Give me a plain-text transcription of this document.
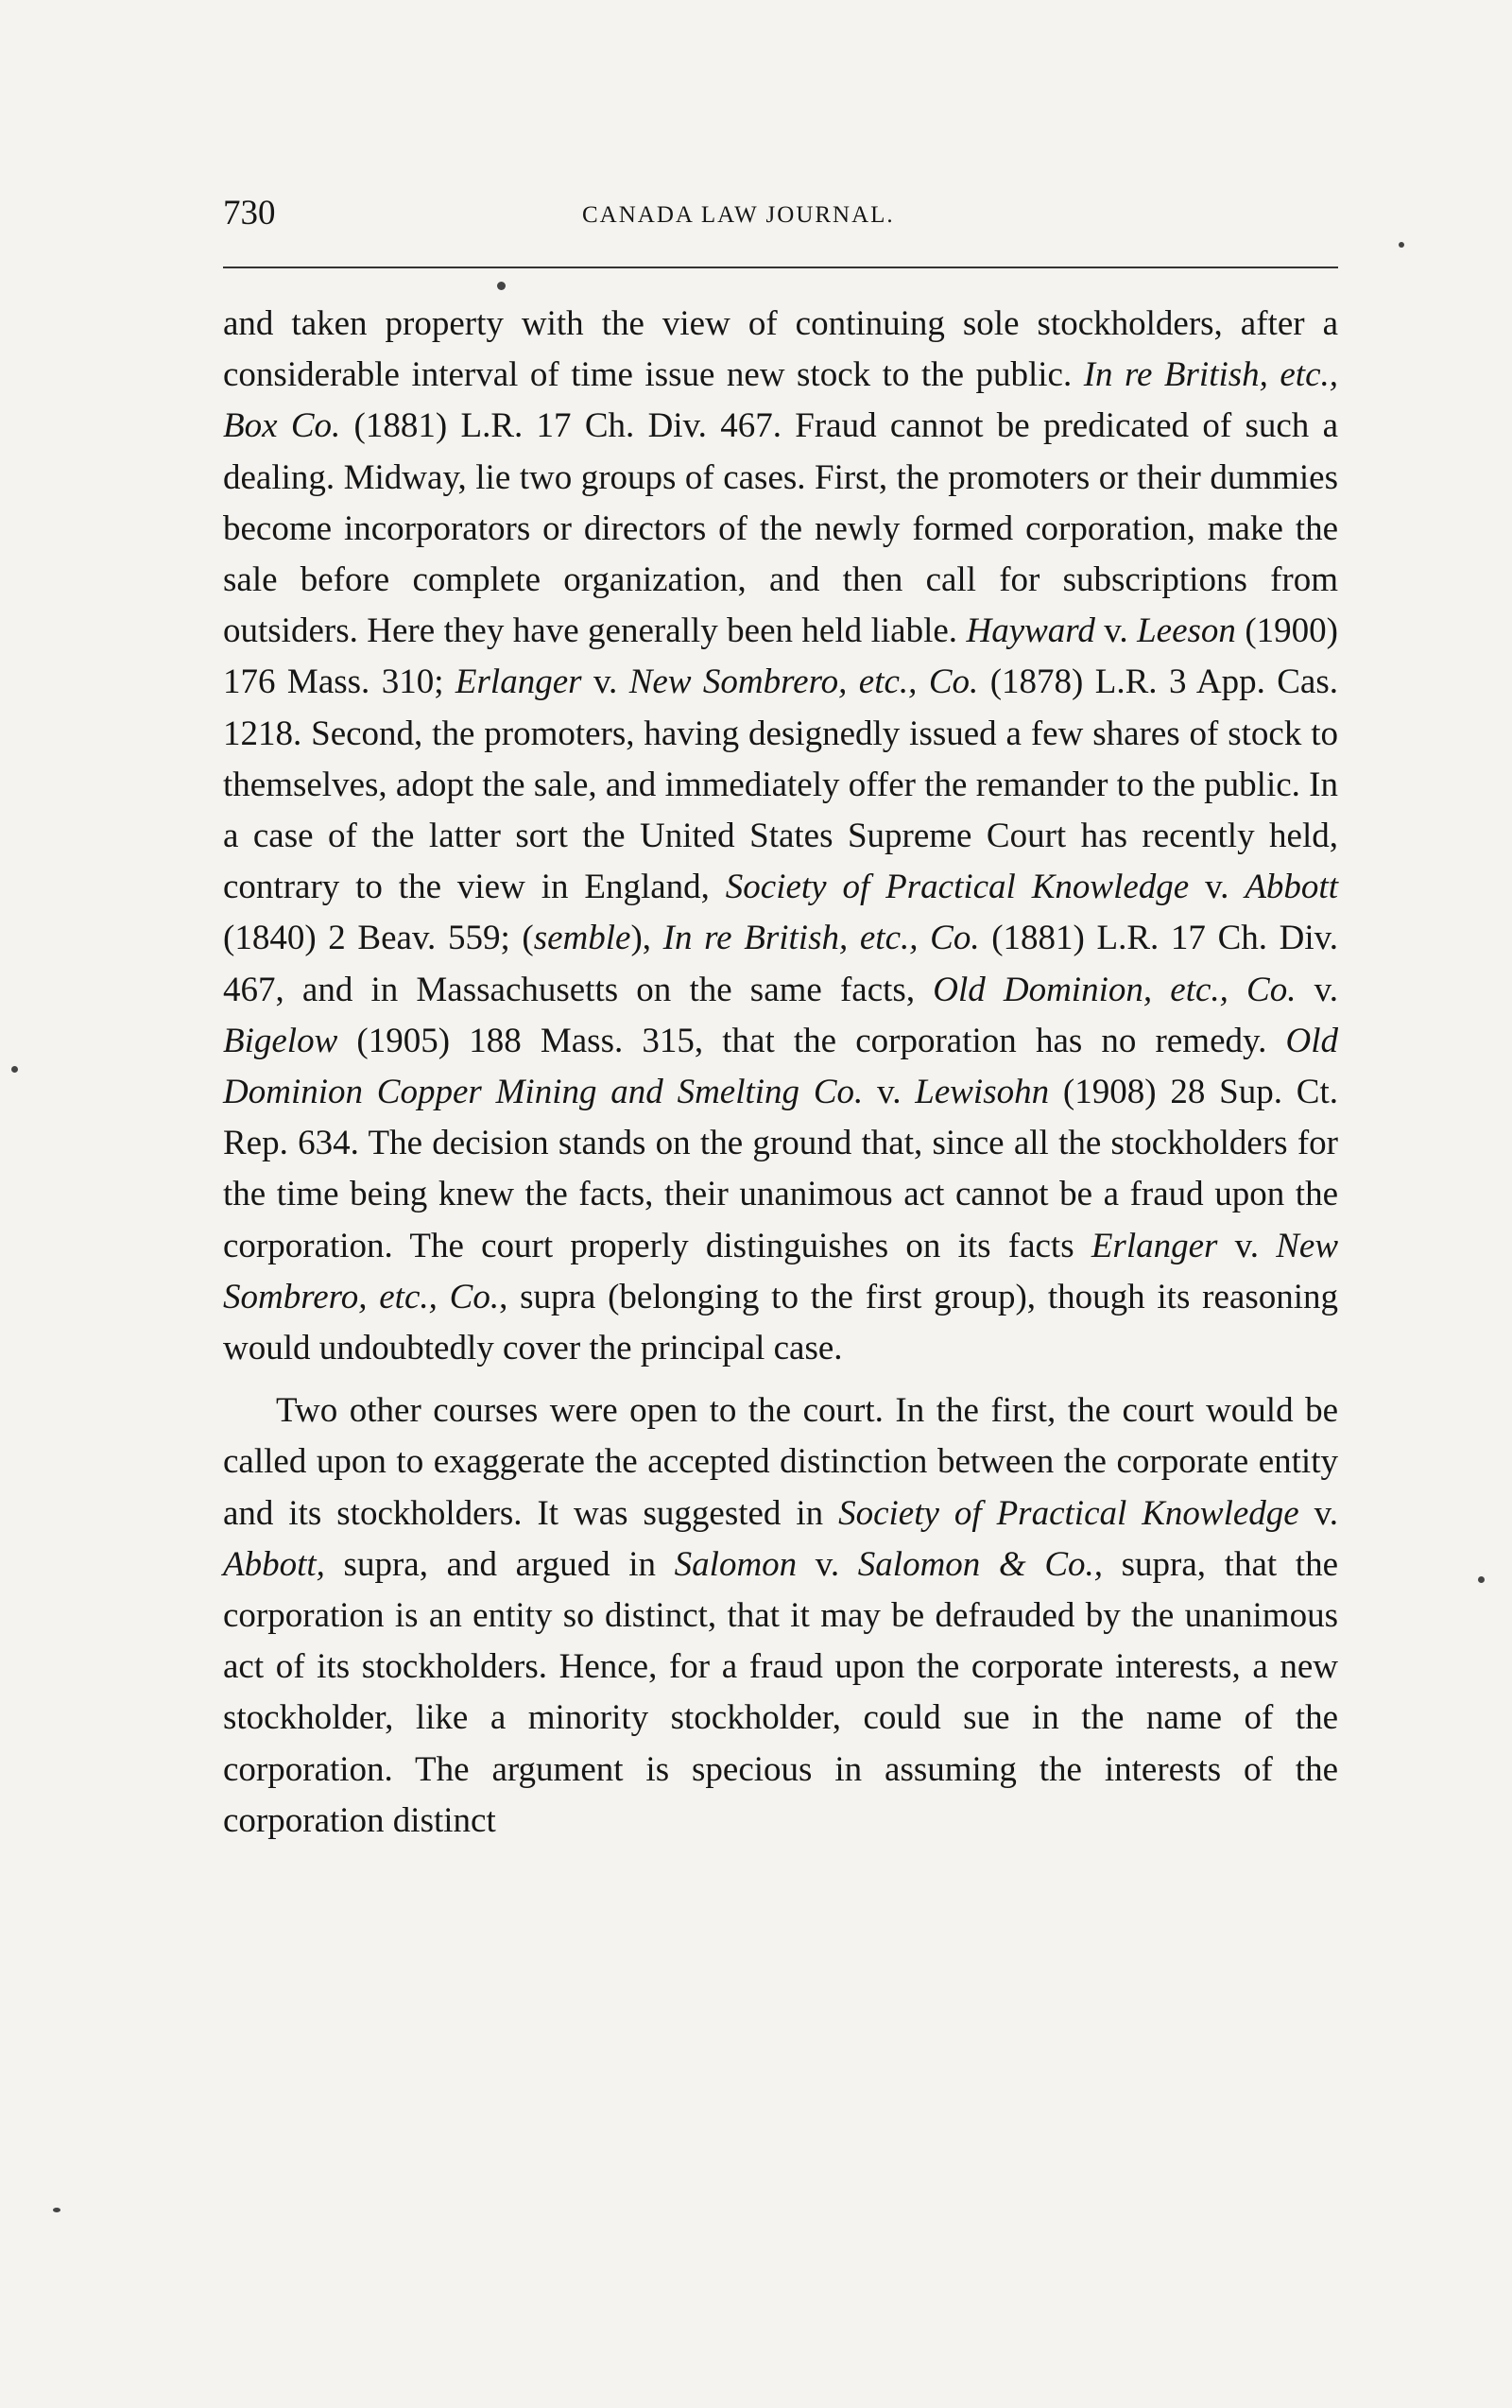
730	CANADA LAW JOURNAL.

and taken property with the view of continuing sole stockholders, after a considerable interval of time issue new stock to the public. In re British, etc., Box Co. (1881) L.R. 17 Ch. Div. 467. Fraud cannot be predicated of such a dealing. Midway, lie two groups of cases. First, the promoters or their dummies become incorporators or directors of the newly formed corporation, make the sale before complete organization, and then call for subscriptions from outsiders. Here they have generally been held liable. Hayward v. Leeson (1900) 176 Mass. 310; Erlanger v. New Sombrero, etc., Co. (1878) L.R. 3 App. Cas. 1218. Second, the promoters, having designedly issued a few shares of stock to themselves, adopt the sale, and immediately offer the remander to the public. In a case of the latter sort the United States Supreme Court has recently held, contrary to the view in England, Society of Practical Knowledge v. Abbott (1840) 2 Beav. 559; (semble), In re British, etc., Co. (1881) L.R. 17 Ch. Div. 467, and in Massachusetts on the same facts, Old Dominion, etc., Co. v. Bigelow (1905) 188 Mass. 315, that the corporation has no remedy. Old Dominion Copper Mining and Smelting Co. v. Lewisohn (1908) 28 Sup. Ct. Rep. 634. The decision stands on the ground that, since all the stockholders for the time being knew the facts, their unanimous act cannot be a fraud upon the corporation. The court properly distinguishes on its facts Erlanger v. New Sombrero, etc., Co., supra (belonging to the first group), though its reasoning would undoubtedly cover the principal case.

Two other courses were open to the court. In the first, the court would be called upon to exaggerate the accepted distinction between the corporate entity and its stockholders. It was suggested in Society of Practical Knowledge v. Abbott, supra, and argued in Salomon v. Salomon & Co., supra, that the corporation is an entity so distinct, that it may be defrauded by the unanimous act of its stockholders. Hence, for a fraud upon the corporate interests, a new stockholder, like a minority stockholder, could sue in the name of the corporation. The argument is specious in assuming the interests of the corporation distinct
